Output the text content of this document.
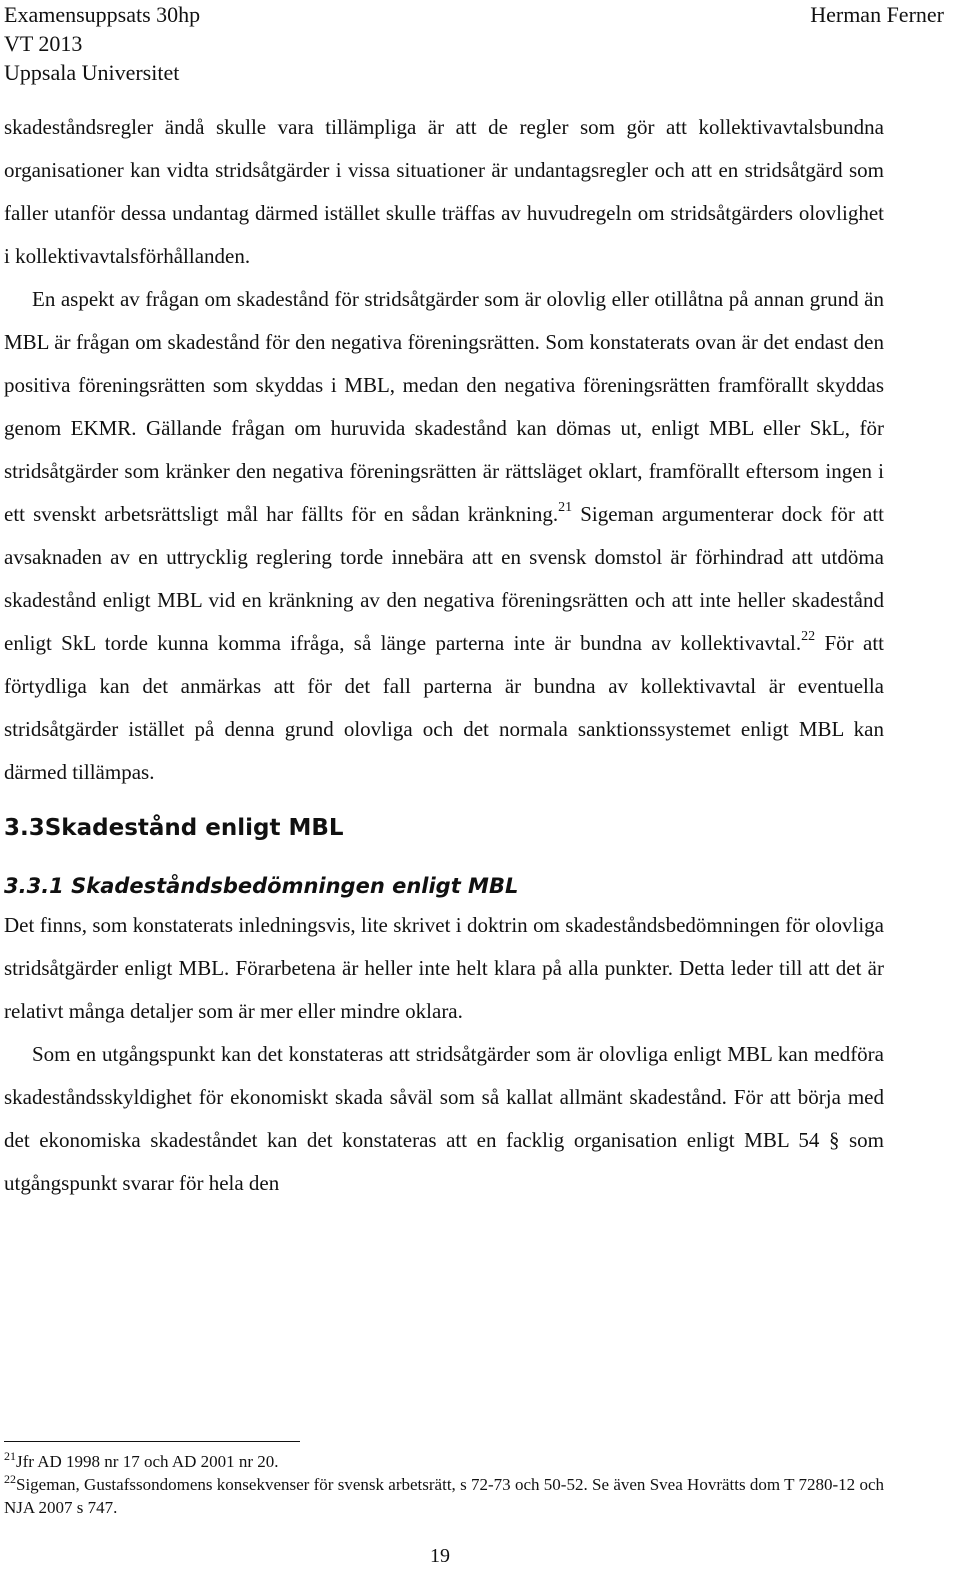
Examensuppsats 30hp
VT 2013
Uppsala Universitet
Herman Ferner

skadeståndsregler ändå skulle vara tillämpliga är att de regler som gör att kollektivavtalsbundna organisationer kan vidta stridsåtgärder i vissa situationer är undantagsregler och att en stridsåtgärd som faller utanför dessa undantag därmed istället skulle träffas av huvudregeln om stridsåtgärders olovlighet i kollektivavtalsförhållanden.

En aspekt av frågan om skadestånd för stridsåtgärder som är olovlig eller otillåtna på annan grund än MBL är frågan om skadestånd för den negativa föreningsrätten. Som konstaterats ovan är det endast den positiva föreningsrätten som skyddas i MBL, medan den negativa föreningsrätten framförallt skyddas genom EKMR. Gällande frågan om huruvida skadestånd kan dömas ut, enligt MBL eller SkL, för stridsåtgärder som kränker den negativa föreningsrätten är rättsläget oklart, framförallt eftersom ingen i ett svenskt arbetsrättsligt mål har fällts för en sådan kränkning.$^{21}$ Sigeman argumenterar dock för att avsaknaden av en uttrycklig reglering torde innebära att en svensk domstol är förhindrad att utdöma skadestånd enligt MBL vid en kränkning av den negativa föreningsrätten och att inte heller skadestånd enligt SkL torde kunna komma ifråga, så länge parterna inte är bundna av kollektivavtal.$^{22}$ För att förtydliga kan det anmärkas att för det fall parterna är bundna av kollektivavtal är eventuella stridsåtgärder istället på denna grund olovliga och det normala sanktionssystemet enligt MBL kan därmed tillämpas.

3.3Skadestånd enligt MBL
3.3.1 Skadeståndsbedömningen enligt MBL

Det finns, som konstaterats inledningsvis, lite skrivet i doktrin om skadeståndsbedömningen för olovliga stridsåtgärder enligt MBL. Förarbetena är heller inte helt klara på alla punkter. Detta leder till att det är relativt många detaljer som är mer eller mindre oklara.

Som en utgångspunkt kan det konstateras att stridsåtgärder som är olovliga enligt MBL kan medföra skadeståndsskyldighet för ekonomiskt skada såväl som så kallat allmänt skadestånd. För att börja med det ekonomiska skadeståndet kan det konstateras att en facklig organisation enligt MBL 54 § som utgångspunkt svarar för hela den

$^{21}$Jfr AD 1998 nr 17 och AD 2001 nr 20.

$^{22}$Sigeman, Gustafssondomens konsekvenser för svensk arbetsrätt, s 72-73 och 50-52. Se även Svea Hovrätts dom T 7280-12 och NJA 2007 s 747.

19
